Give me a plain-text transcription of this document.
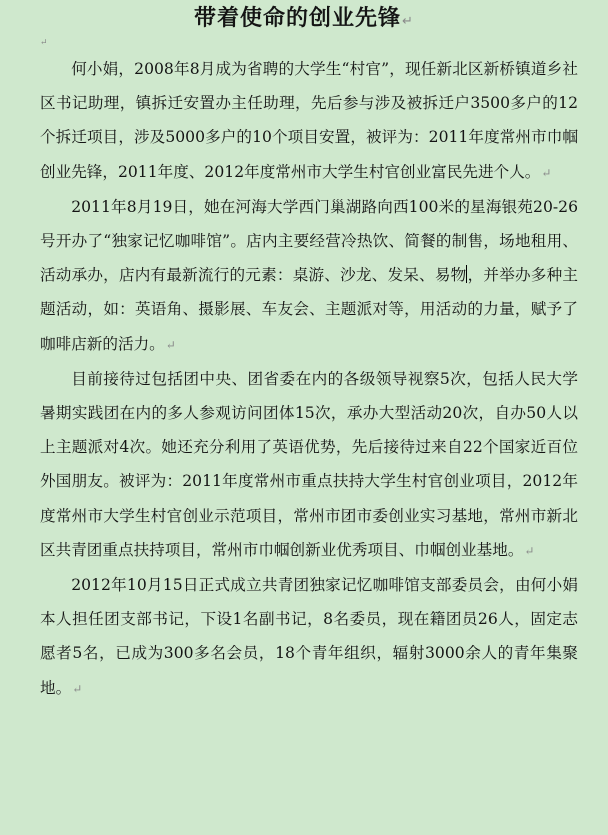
带着使命的创业先锋↵
↵

何小娟，2008年8月成为省聘的大学生“村官”，现任新北区新桥镇道乡社区书记助理，镇拆迁安置办主任助理，先后参与涉及被拆迁户3500多户的12个拆迁项目，涉及5000多户的10个项目安置，被评为：2011年度常州市巾帼创业先锋，2011年度、2012年度常州市大学生村官创业富民先进个人。↵

2011年8月19日，她在河海大学西门巢湖路向西100米的星海银苑20-26号开办了“独家记忆咖啡馆”。店内主要经营冷热饮、简餐的制售，场地租用、活动承办，店内有最新流行的元素：桌游、沙龙、发呆、易物，并举办多种主题活动，如：英语角、摄影展、车友会、主题派对等，用活动的力量，赋予了咖啡店新的活力。↵

目前接待过包括团中央、团省委在内的各级领导视察5次，包括人民大学暑期实践团在内的多人参观访问团体15次，承办大型活动20次，自办50人以上主题派对4次。她还充分利用了英语优势，先后接待过来自22个国家近百位外国朋友。被评为：2011年度常州市重点扶持大学生村官创业项目，2012年度常州市大学生村官创业示范项目，常州市团市委创业实习基地，常州市新北区共青团重点扶持项目，常州市巾帼创新业优秀项目、巾帼创业基地。↵

2012年10月15日正式成立共青团独家记忆咖啡馆支部委员会，由何小娟本人担任团支部书记，下设1名副书记，8名委员，现在籍团员26人，固定志愿者5名，已成为300多名会员，18个青年组织，辐射3000余人的青年集聚地。↵
